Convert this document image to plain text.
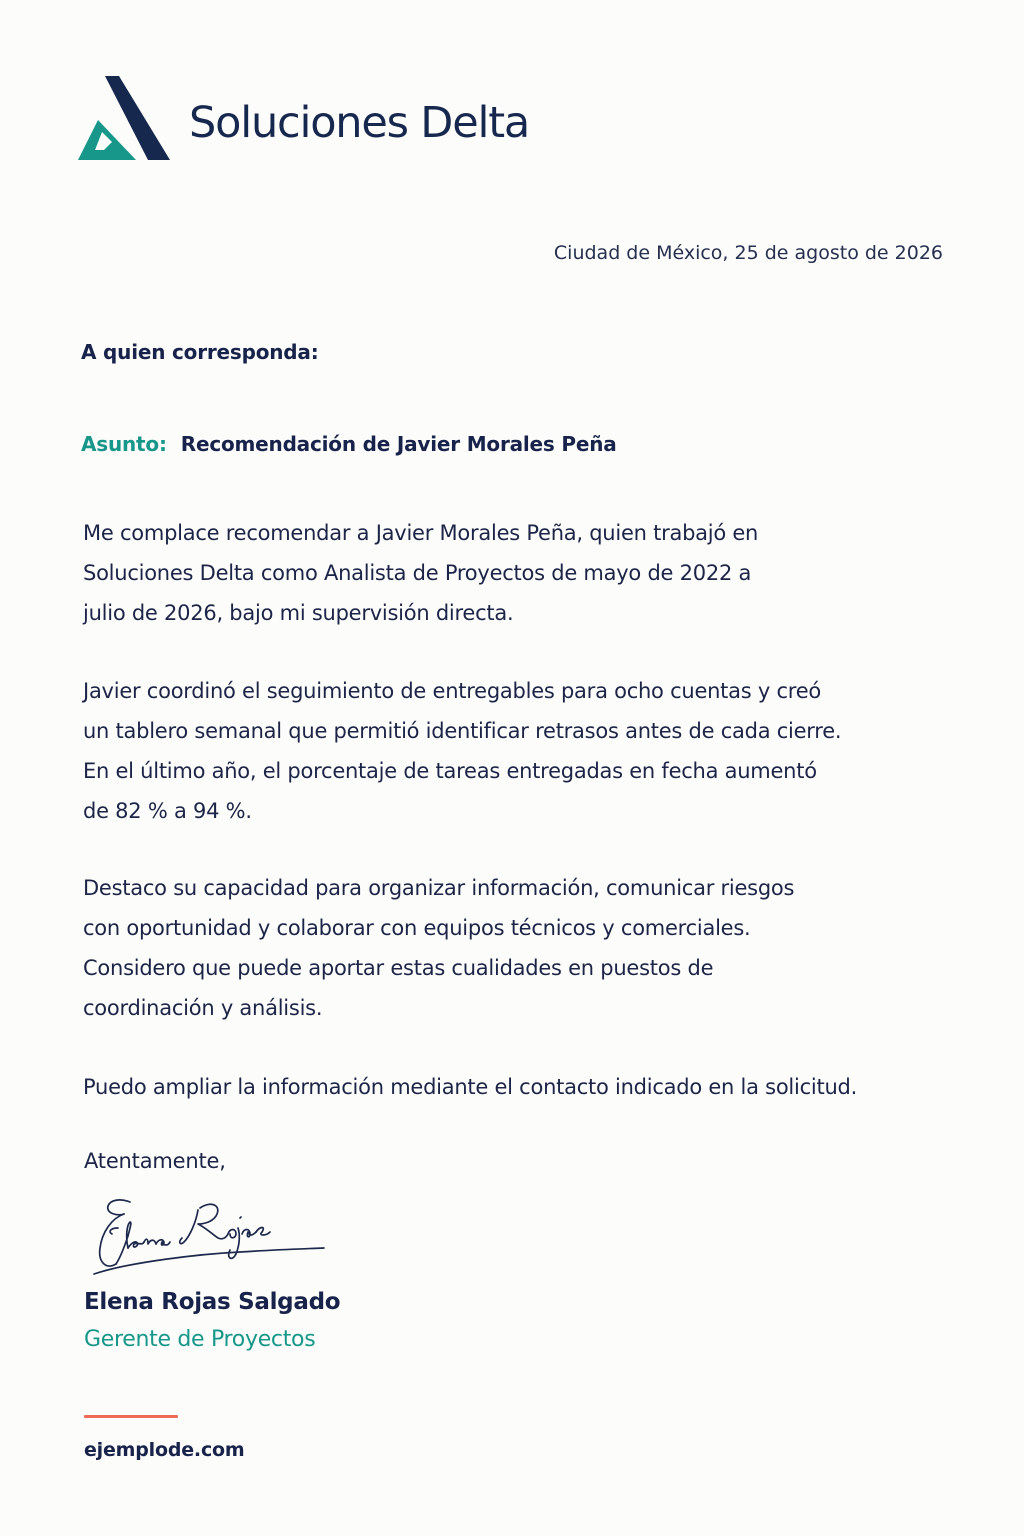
Soluciones Delta
Ciudad de México, 25 de agosto de 2026
A quien corresponda:
Asunto: Recomendación de Javier Morales Peña

Me complace recomendar a Javier Morales Peña, quien trabajó en
Soluciones Delta como Analista de Proyectos de mayo de 2022 a
julio de 2026, bajo mi supervisión directa.

Javier coordinó el seguimiento de entregables para ocho cuentas y creó
un tablero semanal que permitió identificar retrasos antes de cada cierre.
En el último año, el porcentaje de tareas entregadas en fecha aumentó
de 82 % a 94 %.

Destaco su capacidad para organizar información, comunicar riesgos
con oportunidad y colaborar con equipos técnicos y comerciales.
Considero que puede aportar estas cualidades en puestos de
coordinación y análisis.

Puedo ampliar la información mediante el contacto indicado en la solicitud.

Atentamente,
Elena Rojas Salgado
Gerente de Proyectos
ejemplode.com
